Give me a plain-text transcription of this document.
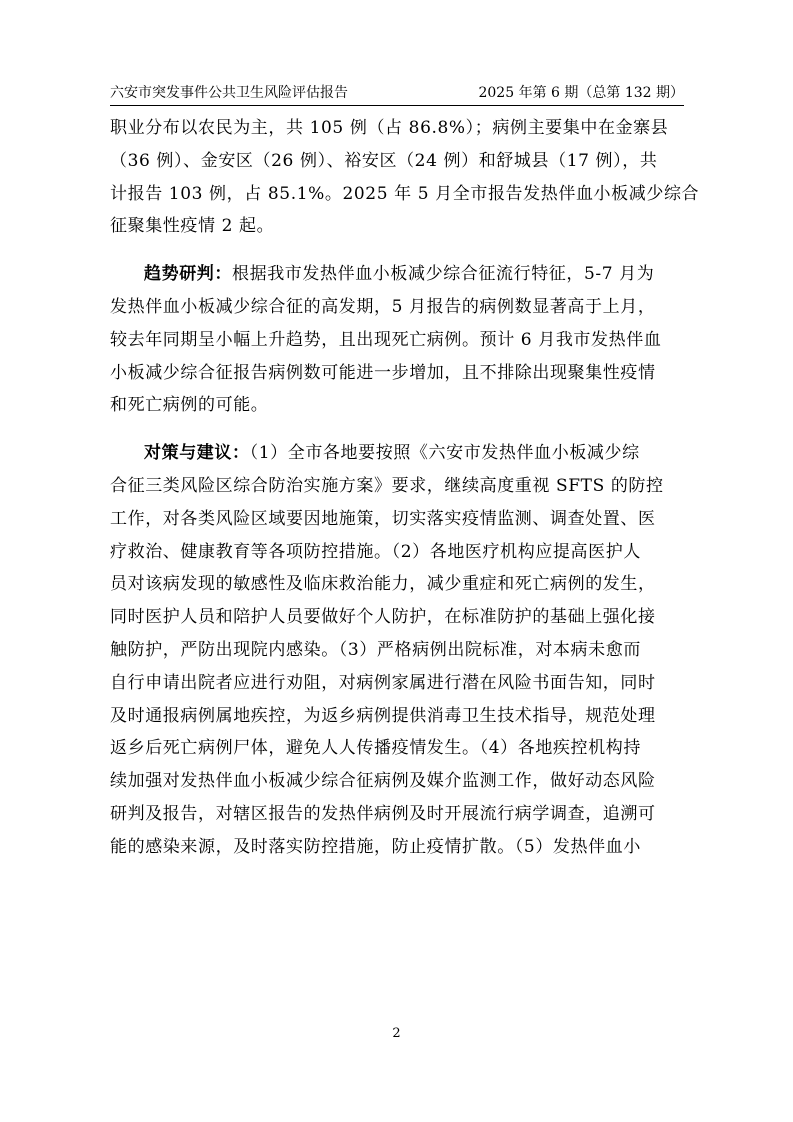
六安市突发事件公共卫生风险评估报告	2025 年第 6 期（总第 132 期）

职业分布以农民为主，共 105 例（占 86.8%）；病例主要集中在金寨县
（36 例）、金安区（26 例）、裕安区（24 例）和舒城县（17 例），共
计报告 103 例，占 85.1%。2025 年 5 月全市报告发热伴血小板减少综合
征聚集性疫情 2 起。

趋势研判：根据我市发热伴血小板减少综合征流行特征，5-7 月为
发热伴血小板减少综合征的高发期，5 月报告的病例数显著高于上月，
较去年同期呈小幅上升趋势，且出现死亡病例。预计 6 月我市发热伴血
小板减少综合征报告病例数可能进一步增加，且不排除出现聚集性疫情
和死亡病例的可能。

对策与建议：（1）全市各地要按照《六安市发热伴血小板减少综
合征三类风险区综合防治实施方案》要求，继续高度重视 SFTS 的防控
工作，对各类风险区域要因地施策，切实落实疫情监测、调查处置、医
疗救治、健康教育等各项防控措施。（2）各地医疗机构应提高医护人
员对该病发现的敏感性及临床救治能力，减少重症和死亡病例的发生，
同时医护人员和陪护人员要做好个人防护，在标准防护的基础上强化接
触防护，严防出现院内感染。（3）严格病例出院标准，对本病未愈而
自行申请出院者应进行劝阻，对病例家属进行潜在风险书面告知，同时
及时通报病例属地疾控，为返乡病例提供消毒卫生技术指导，规范处理
返乡后死亡病例尸体，避免人人传播疫情发生。（4）各地疾控机构持
续加强对发热伴血小板减少综合征病例及媒介监测工作，做好动态风险
研判及报告，对辖区报告的发热伴病例及时开展流行病学调查，追溯可
能的感染来源，及时落实防控措施，防止疫情扩散。（5）发热伴血小

2
